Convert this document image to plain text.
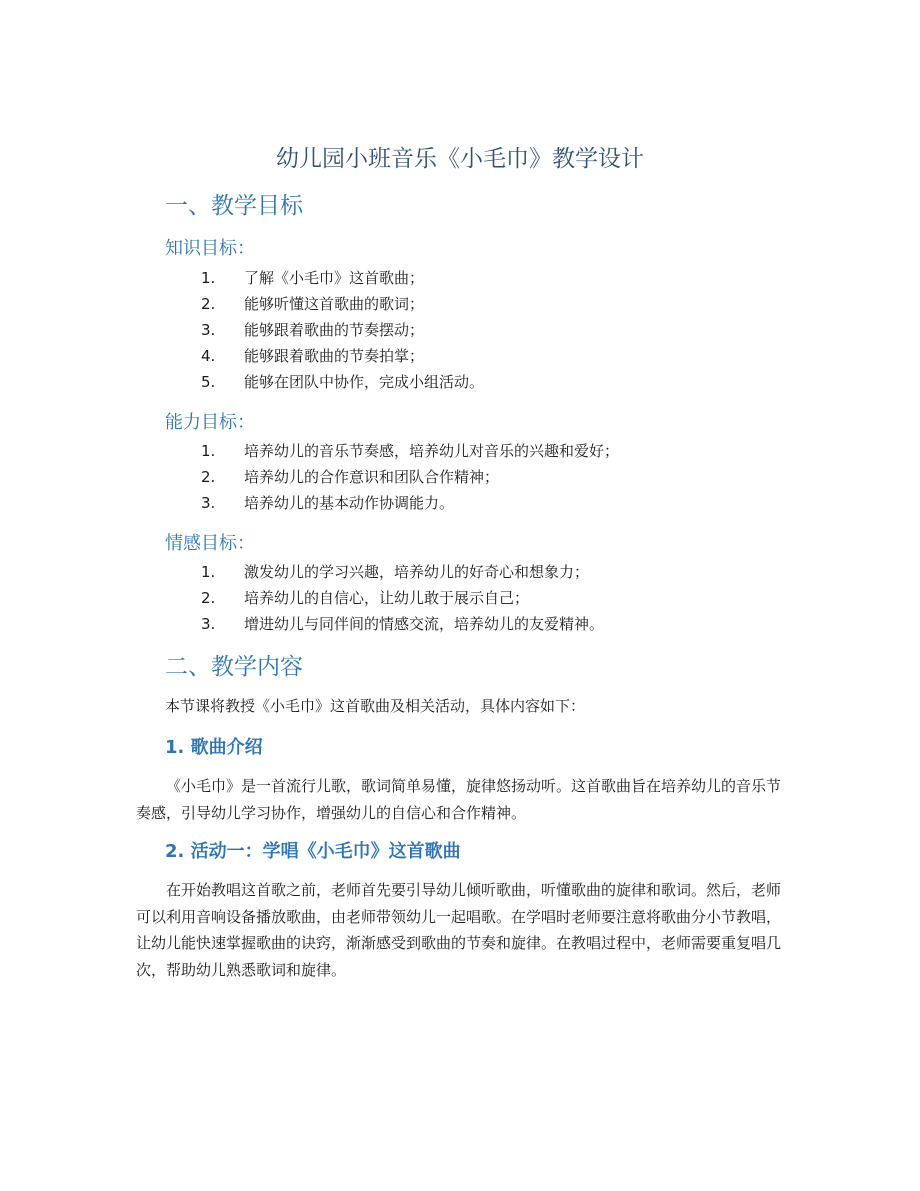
幼儿园小班音乐《小毛巾》教学设计
一、教学目标
知识目标：
1.	了解《小毛巾》这首歌曲；
2.	能够听懂这首歌曲的歌词；
3.	能够跟着歌曲的节奏摆动；
4.	能够跟着歌曲的节奏拍掌；
5.	能够在团队中协作，完成小组活动。
能力目标：
1.	培养幼儿的音乐节奏感，培养幼儿对音乐的兴趣和爱好；
2.	培养幼儿的合作意识和团队合作精神；
3.	培养幼儿的基本动作协调能力。
情感目标：
1.	激发幼儿的学习兴趣，培养幼儿的好奇心和想象力；
2.	培养幼儿的自信心，让幼儿敢于展示自己；
3.	增进幼儿与同伴间的情感交流，培养幼儿的友爱精神。
二、教学内容

本节课将教授《小毛巾》这首歌曲及相关活动，具体内容如下：

1. 歌曲介绍

《小毛巾》是一首流行儿歌，歌词简单易懂，旋律悠扬动听。这首歌曲旨在培养幼儿的音乐节奏感，引导幼儿学习协作，增强幼儿的自信心和合作精神。

2. 活动一：学唱《小毛巾》这首歌曲

在开始教唱这首歌之前，老师首先要引导幼儿倾听歌曲，听懂歌曲的旋律和歌词。然后，老师可以利用音响设备播放歌曲，由老师带领幼儿一起唱歌。在学唱时老师要注意将歌曲分小节教唱，让幼儿能快速掌握歌曲的诀窍，渐渐感受到歌曲的节奏和旋律。在教唱过程中，老师需要重复唱几次，帮助幼儿熟悉歌词和旋律。
